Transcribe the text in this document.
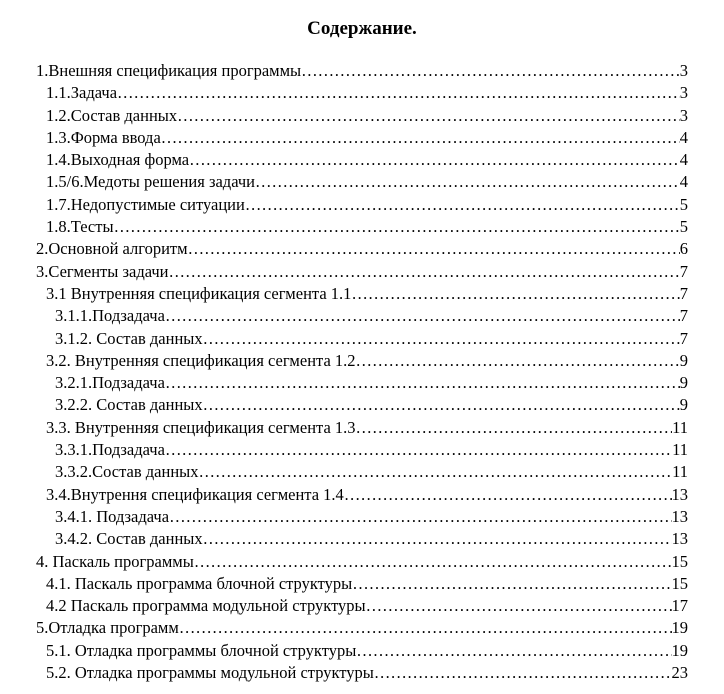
Содержание.
1.Внешняя спецификация программы ……………………………………………………………………………………………………………………………………………………………………	3
1.1.Задача ……………………………………………………………………………………………………………………………………………………………………	3
1.2.Состав данных ……………………………………………………………………………………………………………………………………………………………………	3
1.3.Форма ввода ……………………………………………………………………………………………………………………………………………………………………	4
1.4.Выходная форма ……………………………………………………………………………………………………………………………………………………………………	4
1.5/6.Медоты решения задачи ……………………………………………………………………………………………………………………………………………………………………	4
1.7.Недопустимые ситуации ……………………………………………………………………………………………………………………………………………………………………	5
1.8.Тесты ……………………………………………………………………………………………………………………………………………………………………	5
2.Основной алгоритм ……………………………………………………………………………………………………………………………………………………………………	6
3.Сегменты задачи ……………………………………………………………………………………………………………………………………………………………………	7
3.1 Внутренняя спецификация сегмента 1.1 ……………………………………………………………………………………………………………………………………………………………………	7
3.1.1.Подзадача ……………………………………………………………………………………………………………………………………………………………………	7
3.1.2. Состав данных ……………………………………………………………………………………………………………………………………………………………………	7
3.2. Внутренняя спецификация сегмента 1.2 ……………………………………………………………………………………………………………………………………………………………………	9
3.2.1.Подзадача ……………………………………………………………………………………………………………………………………………………………………	9
3.2.2. Состав данных ……………………………………………………………………………………………………………………………………………………………………	9
3.3. Внутренняя спецификация сегмента 1.3 ……………………………………………………………………………………………………………………………………………………………………	11
3.3.1.Подзадача ……………………………………………………………………………………………………………………………………………………………………	11
3.3.2.Состав данных ……………………………………………………………………………………………………………………………………………………………………	11
3.4.Внутрення спецификация сегмента 1.4 ……………………………………………………………………………………………………………………………………………………………………	13
3.4.1. Подзадача ……………………………………………………………………………………………………………………………………………………………………	13
3.4.2. Состав данных ……………………………………………………………………………………………………………………………………………………………………	13
4. Паскаль программы ……………………………………………………………………………………………………………………………………………………………………	15
4.1. Паскаль программа блочной структуры ……………………………………………………………………………………………………………………………………………………………………	15
4.2 Паскаль программа модульной структуры ……………………………………………………………………………………………………………………………………………………………………	17
5.Отладка программ ……………………………………………………………………………………………………………………………………………………………………	19
5.1. Отладка программы блочной структуры ……………………………………………………………………………………………………………………………………………………………………	19
5.2. Отладка программы модульной структуры ……………………………………………………………………………………………………………………………………………………………………	23
